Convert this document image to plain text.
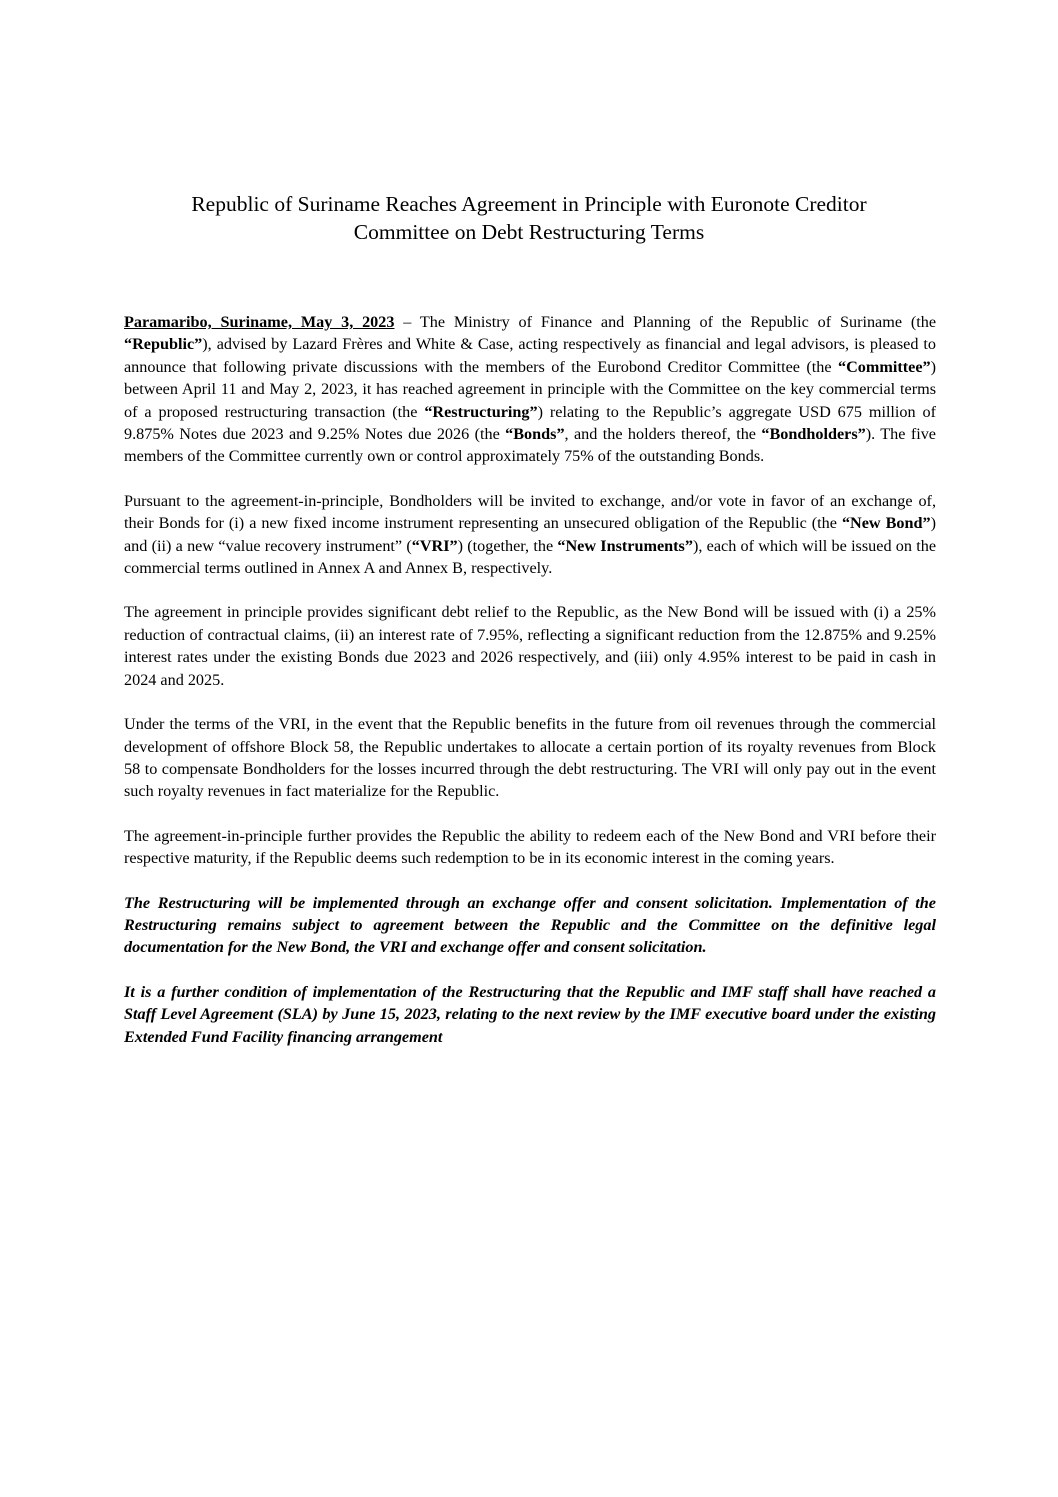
Republic of Suriname Reaches Agreement in Principle with Euronote Creditor
Committee on Debt Restructuring Terms

Paramaribo, Suriname, May 3, 2023 – The Ministry of Finance and Planning of the Republic of Suriname (the “Republic”), advised by Lazard Frères and White & Case, acting respectively as financial and legal advisors, is pleased to announce that following private discussions with the members of the Eurobond Creditor Committee (the “Committee”) between April 11 and May 2, 2023, it has reached agreement in principle with the Committee on the key commercial terms of a proposed restructuring transaction (the “Restructuring”) relating to the Republic’s aggregate USD 675 million of 9.875% Notes due 2023 and 9.25% Notes due 2026 (the “Bonds”, and the holders thereof, the “Bondholders”). The five members of the Committee currently own or control approximately 75% of the outstanding Bonds.

Pursuant to the agreement-in-principle, Bondholders will be invited to exchange, and/or vote in favor of an exchange of, their Bonds for (i) a new fixed income instrument representing an unsecured obligation of the Republic (the “New Bond”) and (ii) a new “value recovery instrument” (“VRI”) (together, the “New Instruments”), each of which will be issued on the commercial terms outlined in Annex A and Annex B, respectively.

The agreement in principle provides significant debt relief to the Republic, as the New Bond will be issued with (i) a 25% reduction of contractual claims, (ii) an interest rate of 7.95%, reflecting a significant reduction from the 12.875% and 9.25% interest rates under the existing Bonds due 2023 and 2026 respectively, and (iii) only 4.95% interest to be paid in cash in 2024 and 2025.

Under the terms of the VRI, in the event that the Republic benefits in the future from oil revenues through the commercial development of offshore Block 58, the Republic undertakes to allocate a certain portion of its royalty revenues from Block 58 to compensate Bondholders for the losses incurred through the debt restructuring. The VRI will only pay out in the event such royalty revenues in fact materialize for the Republic.

The agreement-in-principle further provides the Republic the ability to redeem each of the New Bond and VRI before their respective maturity, if the Republic deems such redemption to be in its economic interest in the coming years.

The Restructuring will be implemented through an exchange offer and consent solicitation. Implementation of the Restructuring remains subject to agreement between the Republic and the Committee on the definitive legal documentation for the New Bond, the VRI and exchange offer and consent solicitation.

It is a further condition of implementation of the Restructuring that the Republic and IMF staff shall have reached a Staff Level Agreement (SLA) by June 15, 2023, relating to the next review by the IMF executive board under the existing Extended Fund Facility financing arrangement
